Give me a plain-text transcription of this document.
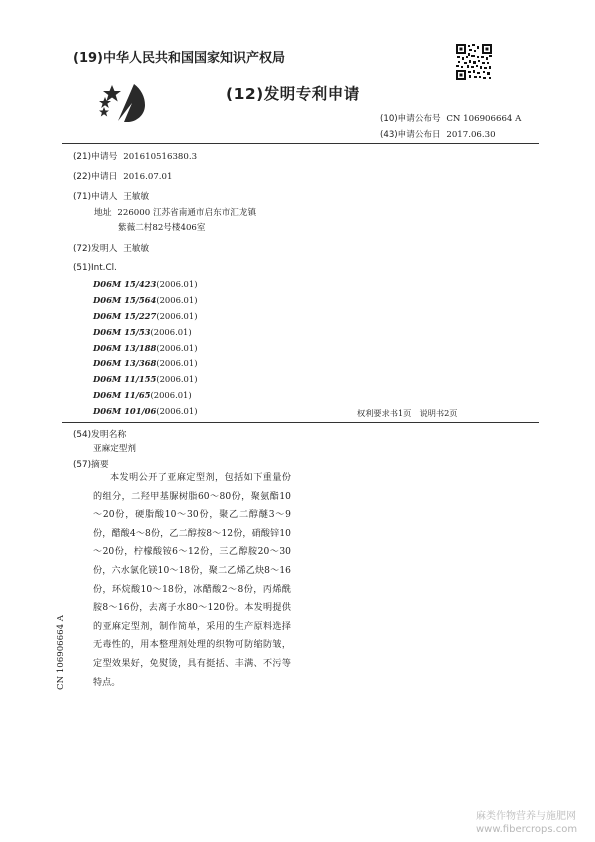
(19)中华人民共和国国家知识产权局
(12)发明专利申请
(10)申请公布号 CN 106906664 A
(43)申请公布日 2017.06.30
(21)申请号 201610516380.3
(22)申请日 2016.07.01
(71)申请人 王敏敏
地址 226000 江苏省南通市启东市汇龙镇
紫薇二村82号楼406室
(72)发明人 王敏敏
(51)Int.Cl.
D06M 15/423(2006.01)
D06M 15/564(2006.01)
D06M 15/227(2006.01)
D06M 15/53(2006.01)
D06M 13/188(2006.01)
D06M 13/368(2006.01)
D06M 11/155(2006.01)
D06M 11/65(2006.01)
D06M 101/06(2006.01)	权利要求书1页　说明书2页
(54)发明名称
亚麻定型剂
(57)摘要
本发明公开了亚麻定型剂，包括如下重量份的组分，二羟甲基脲树脂60～80份，聚氨酯10～20份，硬脂酸10～30份，聚乙二醇醚3～9份，醋酸4～8份，乙二醇按8～12份，硝酸锌10～20份，柠檬酸铵6～12份，三乙醇胺20～30份，六水氯化镁10～18份，聚二乙烯乙炔8～16份，环烷酸10～18份，冰醋酸2～8份，丙烯酰胺8～16份，去离子水80～120份。本发明提供的亚麻定型剂，制作简单，采用的生产原料选择无毒性的，用本整理剂处理的织物可防缩防皱，定型效果好，免熨烫，具有挺括、丰满、不污等特点。
CN 106906664 A
麻类作物营养与施肥网
www.fibercrops.com
